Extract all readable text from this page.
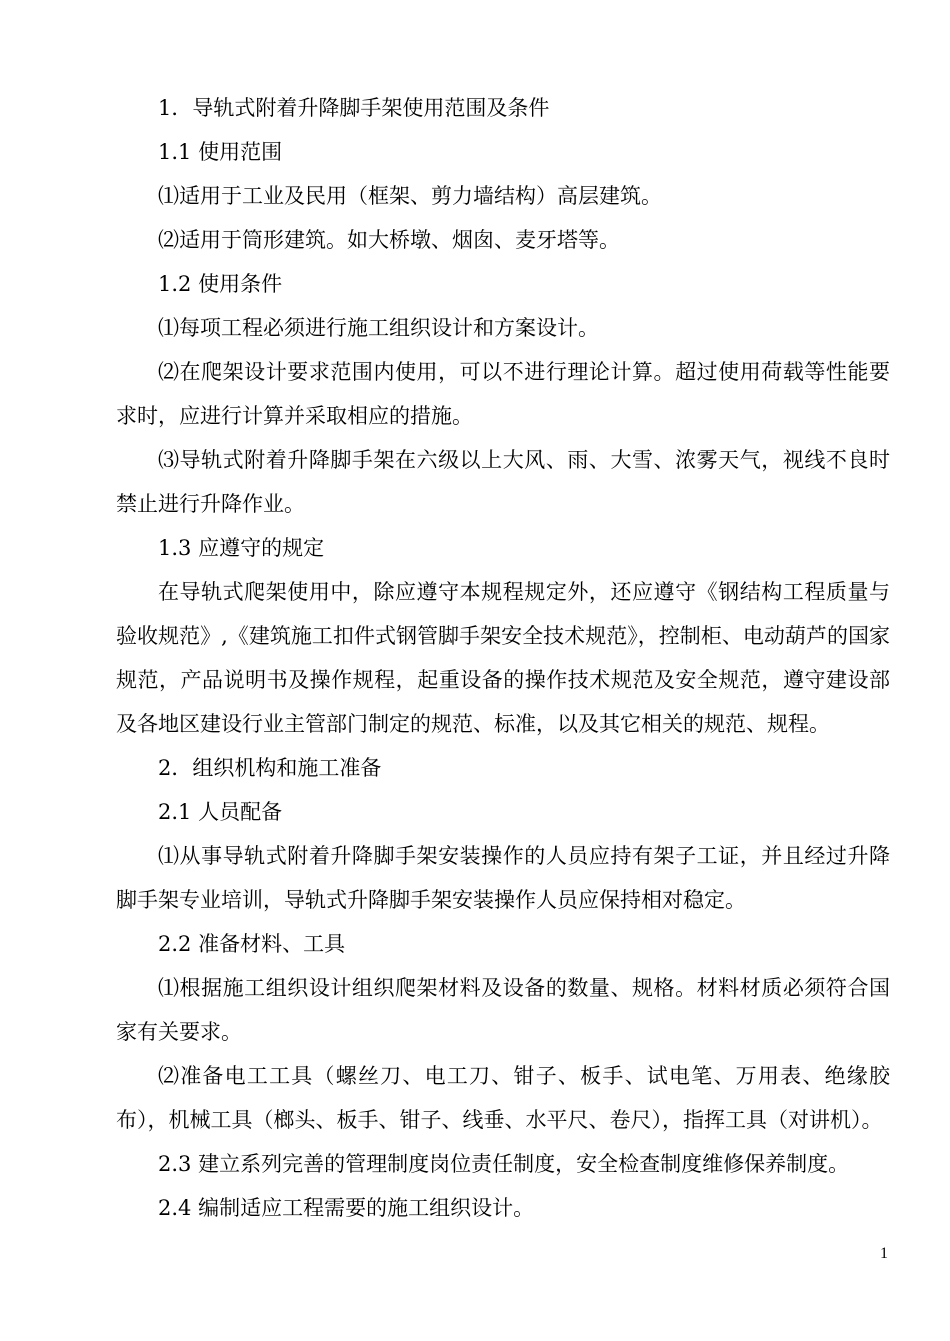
1．导轨式附着升降脚手架使用范围及条件

1.1 使用范围

⑴适用于工业及民用（框架、剪力墙结构）高层建筑。

⑵适用于筒形建筑。如大桥墩、烟囱、麦牙塔等。

1.2 使用条件

⑴每项工程必须进行施工组织设计和方案设计。

⑵在爬架设计要求范围内使用，可以不进行理论计算。超过使用荷载等性能要求时，应进行计算并采取相应的措施。

⑶导轨式附着升降脚手架在六级以上大风、雨、大雪、浓雾天气，视线不良时禁止进行升降作业。

1.3 应遵守的规定

在导轨式爬架使用中，除应遵守本规程规定外，还应遵守《钢结构工程质量与验收规范》,《建筑施工扣件式钢管脚手架安全技术规范》，控制柜、电动葫芦的国家规范，产品说明书及操作规程，起重设备的操作技术规范及安全规范，遵守建设部及各地区建设行业主管部门制定的规范、标准，以及其它相关的规范、规程。

2．组织机构和施工准备

2.1 人员配备

⑴从事导轨式附着升降脚手架安装操作的人员应持有架子工证，并且经过升降脚手架专业培训，导轨式升降脚手架安装操作人员应保持相对稳定。

2.2 准备材料、工具

⑴根据施工组织设计组织爬架材料及设备的数量、规格。材料材质必须符合国家有关要求。

⑵准备电工工具（螺丝刀、电工刀、钳子、板手、试电笔、万用表、绝缘胶布），机械工具（榔头、板手、钳子、线垂、水平尺、卷尺），指挥工具（对讲机）。

2.3 建立系列完善的管理制度岗位责任制度，安全检查制度维修保养制度。

2.4 编制适应工程需要的施工组织设计。

1
